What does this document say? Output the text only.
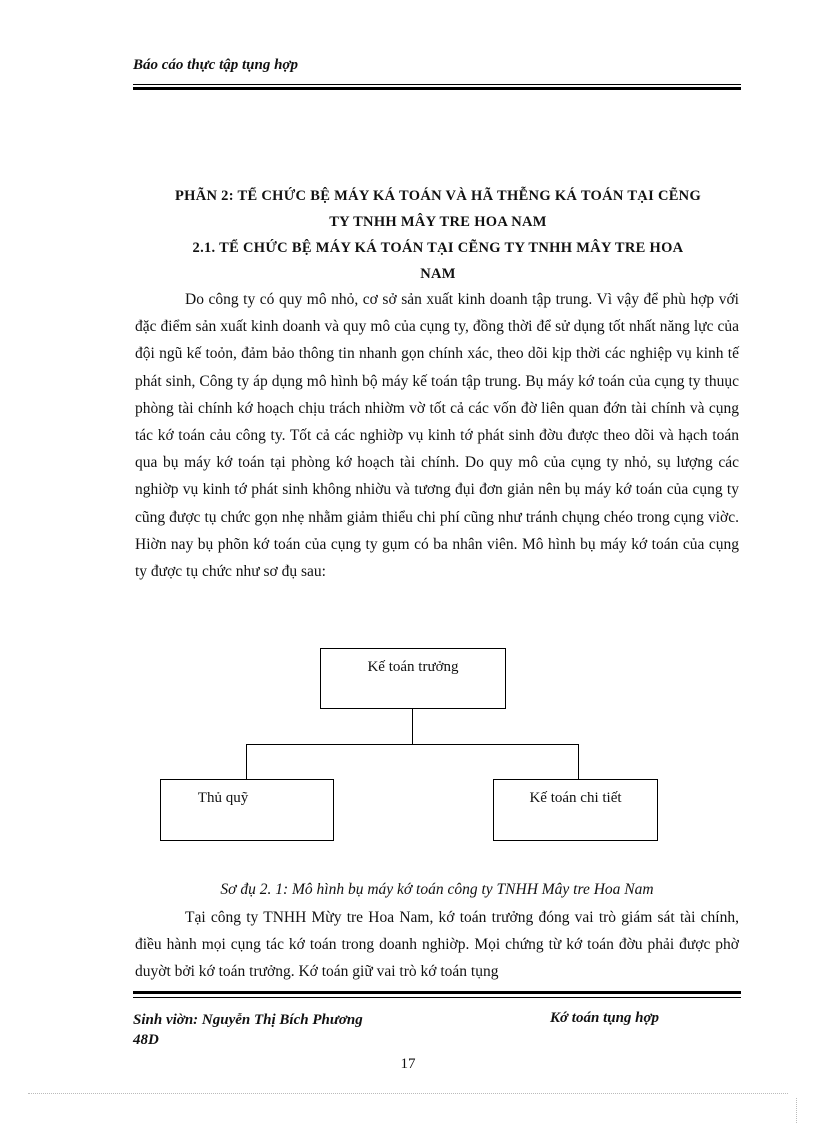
Báo cáo thực tập tụng hợp
PHÃN 2: TỂ CHỨC BỆ MÁY KÁ TOÁN VÀ HÃ THỄNG KÁ TOÁN TẠI CẼNG
TY TNHH MÂY TRE HOA NAM
2.1. TỂ CHỨC BỆ MÁY KÁ TOÁN TẠI CẼNG TY TNHH MÂY TRE HOA
NAM

Do công ty có quy mô nhỏ, cơ sở sản xuất kinh doanh tập trung. Vì vậy để phù hợp với đặc điểm sản xuất kinh doanh và quy mô của cụng ty, đồng thời để sử dụng tốt nhất năng lực của đội ngũ kế toỏn, đảm bảo thông tin nhanh gọn chính xác, theo dõi kịp thời các nghiệp vụ kinh tế phát sinh, Công ty áp dụng mô hình bộ máy kế toán tập trung. Bụ máy kớ toán của cụng ty thuục phòng tài chính kớ hoạch chịu trách nhiờm vờ tốt cả các vốn đờ liên quan đớn tài chính và cụng tác kớ toán cảu công ty. Tốt cả các nghiờp vụ kinh tớ phát sinh đờu được theo dõi và hạch toán qua bụ máy kớ toán tại phòng kớ hoạch tài chính. Do quy mô của cụng ty nhỏ, sụ lượng các nghiờp vụ kinh tớ phát sinh không nhiờu và tương đụi đơn giản nên bụ máy kớ toán của cụng ty cũng được tụ chức gọn nhẹ nhằm giảm thiểu chi phí cũng như tránh chụng chéo trong cụng viờc. Hiờn nay bụ phõn kớ toán của cụng ty gụm có ba nhân viên. Mô hình bụ máy kớ toán của cụng ty được tụ chức như sơ đụ sau:

Kế toán trưởng
Thủ quỹ	Kế toán chi tiết
Sơ đụ 2. 1: Mô hình bụ máy kớ toán công ty TNHH Mây tre Hoa Nam

Tại công ty TNHH Mừy tre Hoa Nam, kớ toán trưởng đóng vai trò giám sát tài chính, điều hành mọi cụng tác kớ toán trong doanh nghiờp. Mọi chứng từ kớ toán đờu phải được phờ duyờt bởi kớ toán trưởng. Kớ toán giữ vai trò kớ toán tụng

Sinh viờn: Nguyễn Thị Bích Phương
48D
Kớ toán tụng hợp
17
